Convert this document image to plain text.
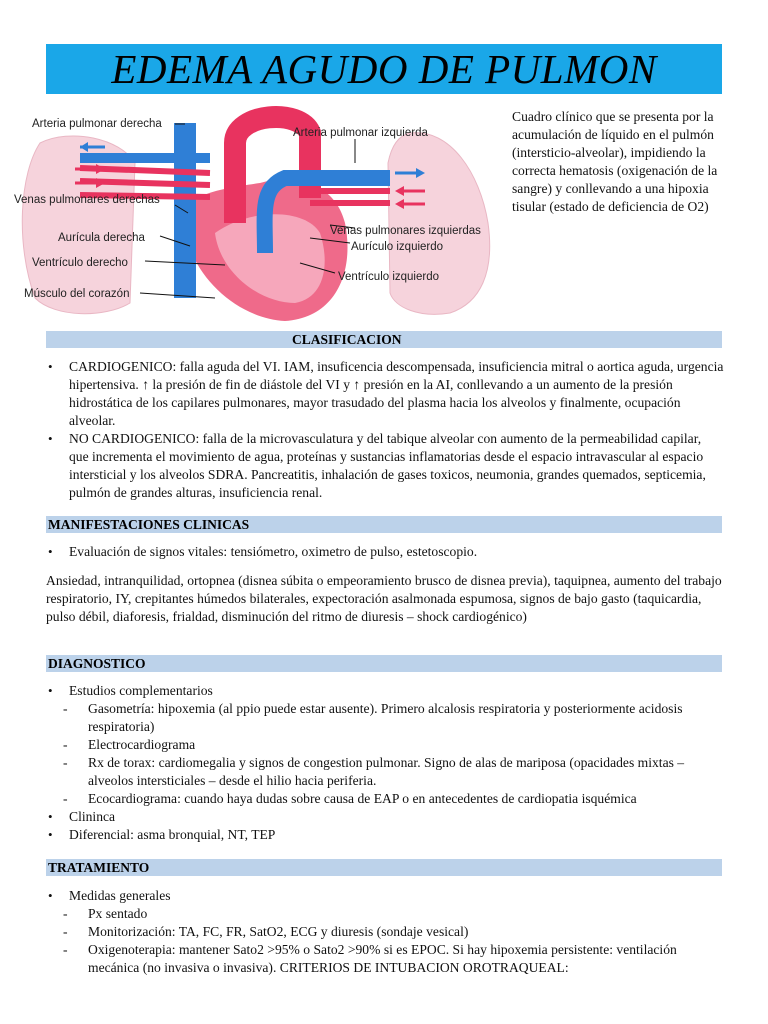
EDEMA AGUDO DE PULMON
Arteria pulmonar derecha
Arteria pulmonar izquierda
Venas pulmonares derechas
Aurícula derecha
Ventrículo derecho
Músculo del corazón
Venas pulmonares izquierdas
Aurículo izquierdo
Ventrículo izquierdo
Cuadro clínico que se presenta por la acumulación de líquido en el pulmón (intersticio-alveolar), impidiendo la correcta hematosis (oxigenación de la sangre) y conllevando a una hipoxia tisular (estado de deficiencia de O2)
CLASIFICACION
• CARDIOGENICO: falla aguda del VI. IAM, insuficencia descompensada, insuficiencia mitral o aortica aguda, urgencia hipertensiva. ↑ la presión de fin de diástole del VI y ↑ presión en la AI, conllevando a un aumento de la presión hidrostática de los capilares pulmonares, mayor trasudado del plasma hacia los alveolos y finalmente, ocupación alveolar.
• NO CARDIOGENICO: falla de la microvasculatura y del tabique alveolar con aumento de la permeabilidad capilar, que incrementa el movimiento de agua, proteínas y sustancias inflamatorias desde el espacio intravascular al espacio intersticial y los alveolos SDRA. Pancreatitis, inhalación de gases toxicos, neumonia, grandes quemados, septicemia, pulmón de grandes alturas, insuficiencia renal.
MANIFESTACIONES CLINICAS
• Evaluación de signos vitales: tensiómetro, oximetro de pulso, estetoscopio.

Ansiedad, intranquilidad, ortopnea (disnea súbita o empeoramiento brusco de disnea previa), taquipnea, aumento del trabajo respiratorio, IY, crepitantes húmedos bilaterales, expectoración asalmonada espumosa, signos de bajo gasto (taquicardia, pulso débil, diaforesis, frialdad, disminución del ritmo de diuresis – shock cardiogénico)

DIAGNOSTICO
• Estudios complementarios
- Gasometría: hipoxemia (al ppio puede estar ausente). Primero alcalosis respiratoria y posteriormente acidosis respiratoria)
- Electrocardiograma
- Rx de torax: cardiomegalia y signos de congestion pulmonar. Signo de alas de mariposa (opacidades mixtas – alveolos intersticiales – desde el hilio hacia periferia.
- Ecocardiograma: cuando haya dudas sobre causa de EAP o en antecedentes de cardiopatia isquémica
• Clininca
• Diferencial: asma bronquial, NT, TEP
TRATAMIENTO
• Medidas generales
- Px sentado
- Monitorización: TA, FC, FR, SatO2, ECG y diuresis (sondaje vesical)
- Oxigenoterapia: mantener Sato2 >95% o Sato2 >90% si es EPOC. Si hay hipoxemia persistente: ventilación mecánica (no invasiva o invasiva). CRITERIOS DE INTUBACION OROTRAQUEAL:
